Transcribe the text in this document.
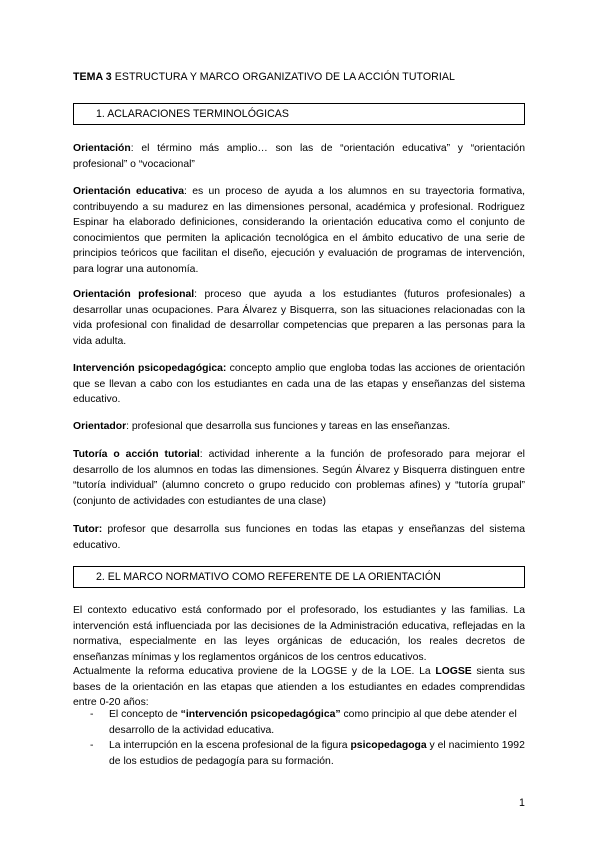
TEMA 3 ESTRUCTURA Y MARCO ORGANIZATIVO DE LA ACCIÓN TUTORIAL
1. ACLARACIONES TERMINOLÓGICAS
Orientación: el término más amplio… son las de “orientación educativa” y “orientación profesional” o “vocacional”
Orientación educativa: es un proceso de ayuda a los alumnos en su trayectoria formativa, contribuyendo a su madurez en las dimensiones personal, académica y profesional. Rodriguez Espinar ha elaborado definiciones, considerando la orientación educativa como el conjunto de conocimientos que permiten la aplicación tecnológica en el ámbito educativo de una serie de principios teóricos que facilitan el diseño, ejecución y evaluación de programas de intervención, para lograr una autonomía.
Orientación profesional: proceso que ayuda a los estudiantes (futuros profesionales) a desarrollar unas ocupaciones. Para Álvarez y Bisquerra, son las situaciones relacionadas con la vida profesional con finalidad de desarrollar competencias que preparen a las personas para la vida adulta.
Intervención psicopedagógica: concepto amplio que engloba todas las acciones de orientación que se llevan a cabo con los estudiantes en cada una de las etapas y enseñanzas del sistema educativo.
Orientador: profesional que desarrolla sus funciones y tareas en las enseñanzas.
Tutoría o acción tutorial: actividad inherente a la función de profesorado para mejorar el desarrollo de los alumnos en todas las dimensiones. Según Álvarez y Bisquerra distinguen entre “tutoría individual” (alumno concreto o grupo reducido con problemas afines) y “tutoría grupal” (conjunto de actividades con estudiantes de una clase)
Tutor: profesor que desarrolla sus funciones en todas las etapas y enseñanzas del sistema educativo.
2. EL MARCO NORMATIVO COMO REFERENTE DE LA ORIENTACIÓN
El contexto educativo está conformado por el profesorado, los estudiantes y las familias. La intervención está influenciada por las decisiones de la Administración educativa, reflejadas en la normativa, especialmente en las leyes orgánicas de educación, los reales decretos de enseñanzas mínimas y los reglamentos orgánicos de los centros educativos.
Actualmente la reforma educativa proviene de la LOGSE y de la LOE. La LOGSE sienta sus bases de la orientación en las etapas que atienden a los estudiantes en edades comprendidas entre 0-20 años:
- El concepto de “intervención psicopedagógica” como principio al que debe atender el desarrollo de la actividad educativa.
- La interrupción en la escena profesional de la figura psicopedagoga y el nacimiento 1992 de los estudios de pedagogía para su formación.
1
